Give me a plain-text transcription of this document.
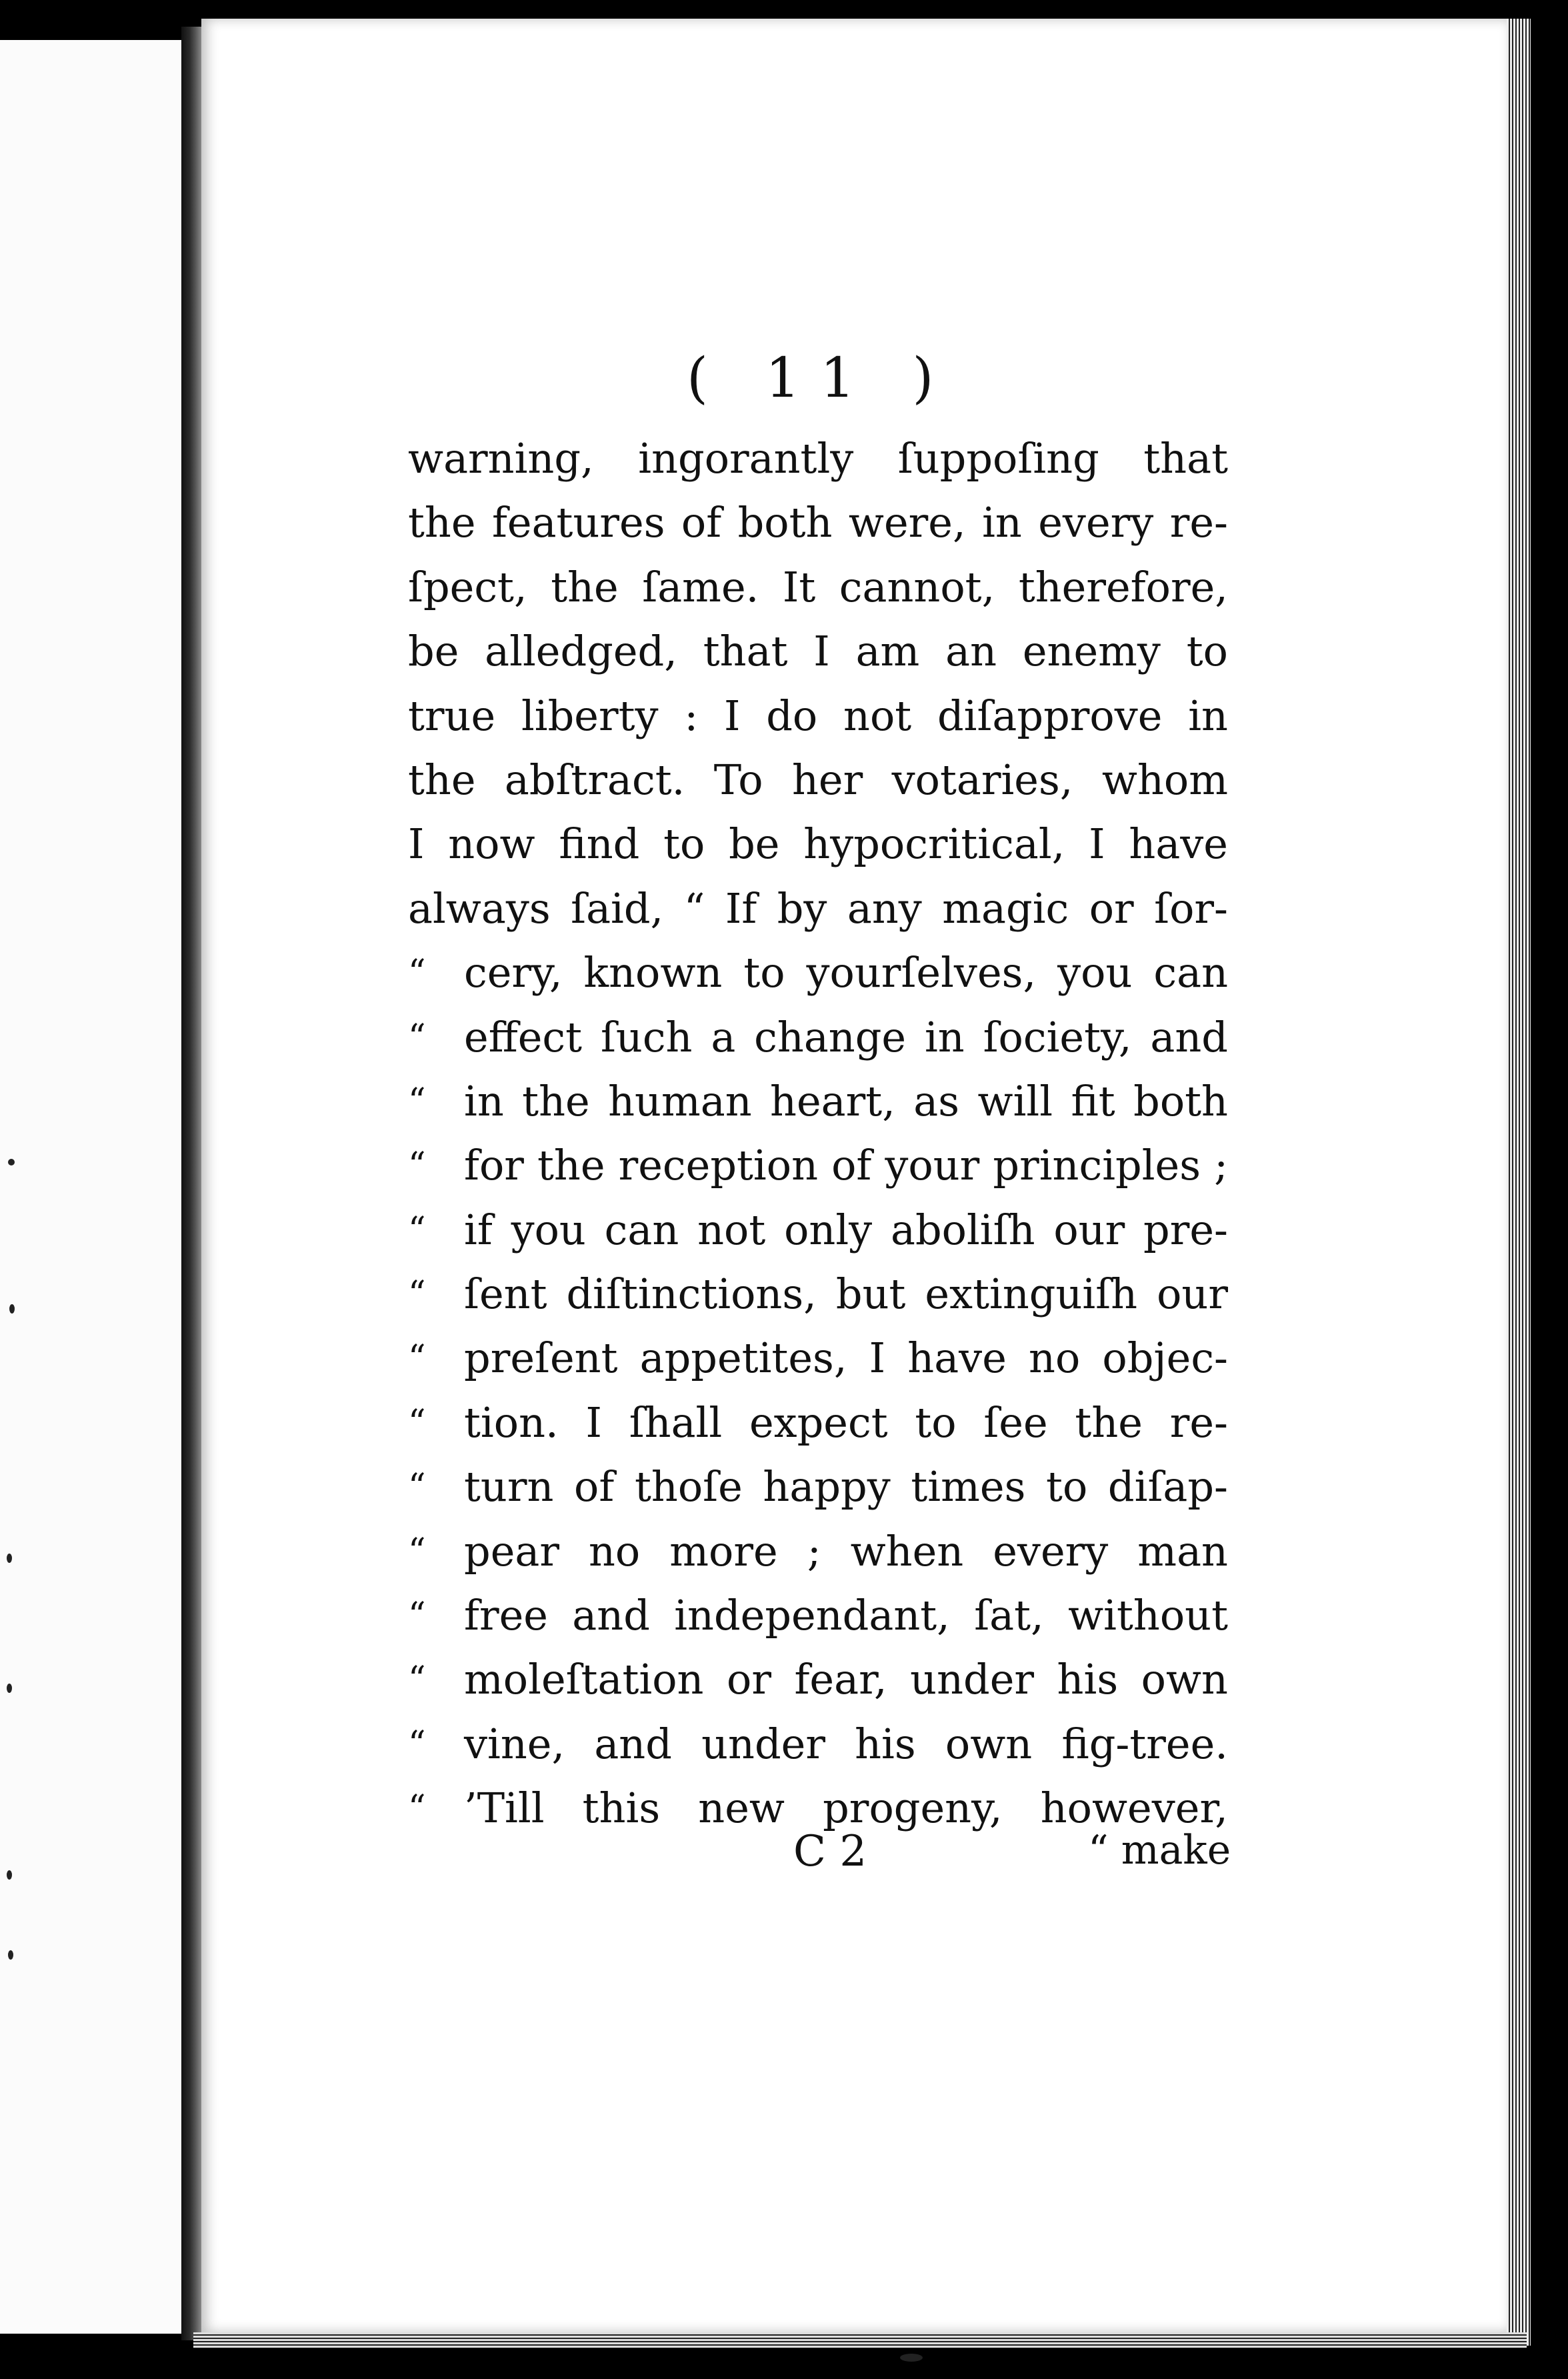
( 11 )
warning, ingorantly ſuppoſing that
the features of both were, in every re-
ſpect, the ſame. It cannot, therefore,
be alledged, that I am an enemy to
true liberty : I do not diſapprove in
the abſtract. To her votaries, whom
I now find to be hypocritical, I have
always ſaid, “ If by any magic or ſor-
“ cery, known to yourſelves, you can
“ effect ſuch a change in ſociety, and
“ in the human heart, as will fit both
“ for the reception of your principles ;
“ if you can not only aboliſh our pre-
“ ſent diſtinctions, but extinguiſh our
“ preſent appetites, I have no objec-
“ tion. I ſhall expect to ſee the re-
“ turn of thoſe happy times to diſap-
“ pear no more ; when every man
“ free and independant, ſat, without
“ moleſtation or fear, under his own
“ vine, and under his own fig-tree.
“ ’Till this new progeny, however,
C 2	“ make
